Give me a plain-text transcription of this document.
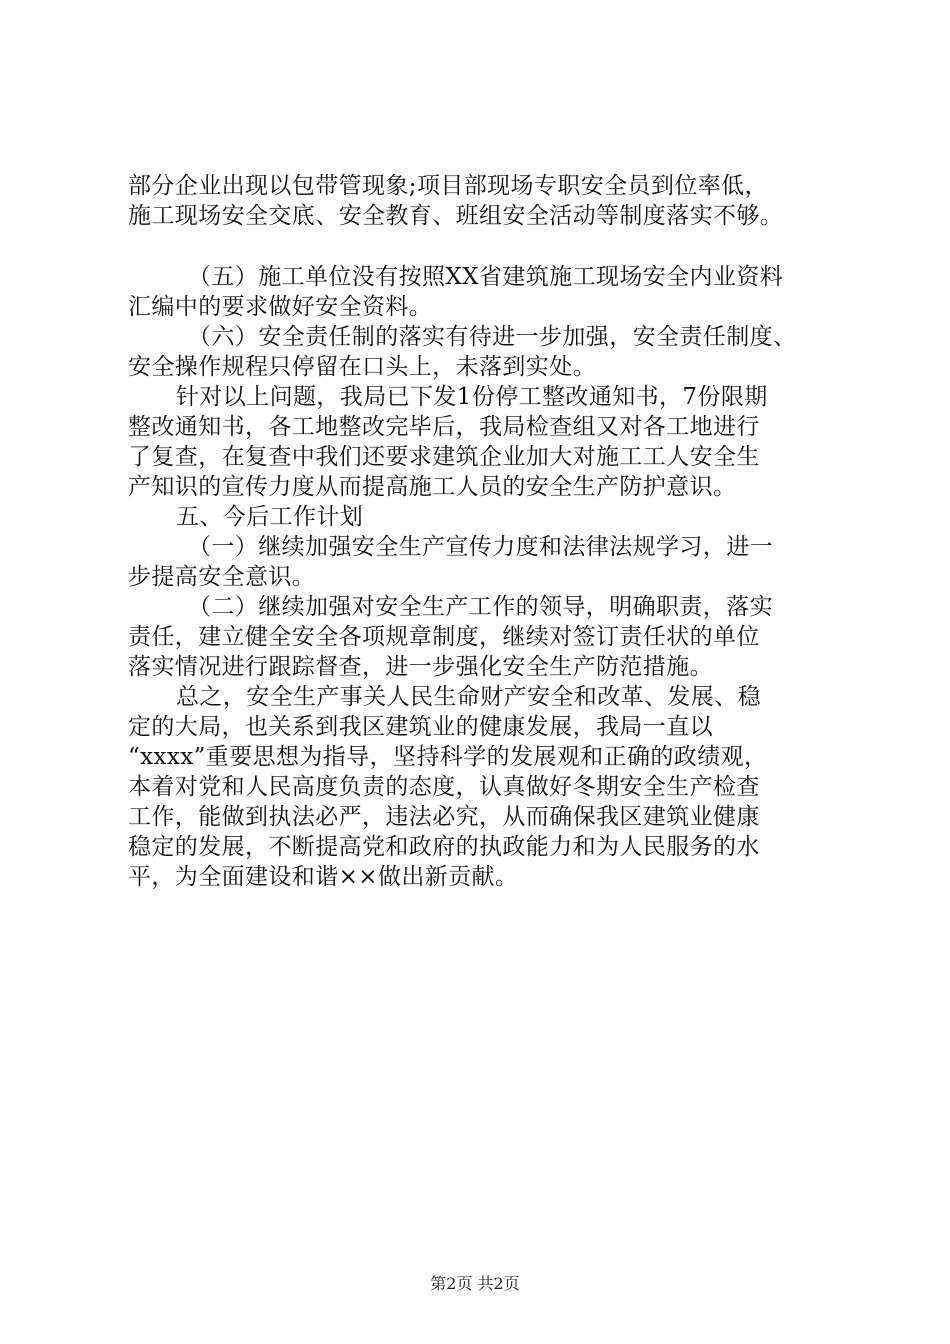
部分企业出现以包带管现象;项目部现场专职安全员到位率低，
施工现场安全交底、安全教育、班组安全活动等制度落实不够。
（五）施工单位没有按照XX省建筑施工现场安全内业资料
汇编中的要求做好安全资料。
（六）安全责任制的落实有待进一步加强，安全责任制度、
安全操作规程只停留在口头上，未落到实处。
针对以上问题，我局已下发1份停工整改通知书，7份限期
整改通知书，各工地整改完毕后，我局检查组又对各工地进行
了复查，在复查中我们还要求建筑企业加大对施工工人安全生
产知识的宣传力度从而提高施工人员的安全生产防护意识。
五、今后工作计划
（一）继续加强安全生产宣传力度和法律法规学习，进一
步提高安全意识。
（二）继续加强对安全生产工作的领导，明确职责，落实
责任，建立健全安全各项规章制度，继续对签订责任状的单位
落实情况进行跟踪督查，进一步强化安全生产防范措施。
总之，安全生产事关人民生命财产安全和改革、发展、稳
定的大局，也关系到我区建筑业的健康发展，我局一直以
“xxxx”重要思想为指导，坚持科学的发展观和正确的政绩观，
本着对党和人民高度负责的态度，认真做好冬期安全生产检查
工作，能做到执法必严，违法必究，从而确保我区建筑业健康
稳定的发展，不断提高党和政府的执政能力和为人民服务的水
平，为全面建设和谐××做出新贡献。
第2页 共2页
